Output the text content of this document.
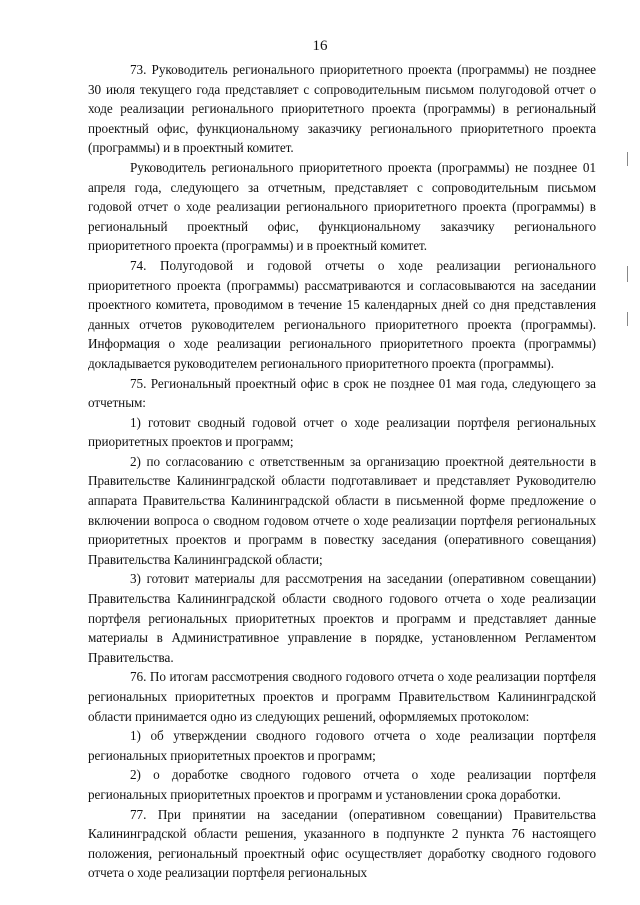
16

73. Руководитель регионального приоритетного проекта (программы) не позднее 30 июля текущего года представляет с сопроводительным письмом полугодовой отчет о ходе реализации регионального приоритетного проекта (программы) в региональный проектный офис, функциональному заказчику регионального приоритетного проекта (программы) и в проектный комитет.

Руководитель регионального приоритетного проекта (программы) не позднее 01 апреля года, следующего за отчетным, представляет с сопроводительным письмом годовой отчет о ходе реализации регионального приоритетного проекта (программы) в региональный проектный офис, функциональному заказчику регионального приоритетного проекта (программы) и в проектный комитет.

74. Полугодовой и годовой отчеты о ходе реализации регионального приоритетного проекта (программы) рассматриваются и согласовываются на заседании проектного комитета, проводимом в течение 15 календарных дней со дня представления данных отчетов руководителем регионального приоритетного проекта (программы). Информация о ходе реализации регионального приоритетного проекта (программы) докладывается руководителем регионального приоритетного проекта (программы).

75. Региональный проектный офис в срок не позднее 01 мая года, следующего за отчетным:

1) готовит сводный годовой отчет о ходе реализации портфеля региональных приоритетных проектов и программ;

2) по согласованию с ответственным за организацию проектной деятельности в Правительстве Калининградской области подготавливает и представляет Руководителю аппарата Правительства Калининградской области в письменной форме предложение о включении вопроса о сводном годовом отчете о ходе реализации портфеля региональных приоритетных проектов и программ в повестку заседания (оперативного совещания) Правительства Калининградской области;

3) готовит материалы для рассмотрения на заседании (оперативном совещании) Правительства Калининградской области сводного годового отчета о ходе реализации портфеля региональных приоритетных проектов и программ и представляет данные материалы в Административное управление в порядке, установленном Регламентом Правительства.

76. По итогам рассмотрения сводного годового отчета о ходе реализации портфеля региональных приоритетных проектов и программ Правительством Калининградской области принимается одно из следующих решений, оформляемых протоколом:

1) об утверждении сводного годового отчета о ходе реализации портфеля региональных приоритетных проектов и программ;

2) о доработке сводного годового отчета о ходе реализации портфеля региональных приоритетных проектов и программ и установлении срока доработки.

77. При принятии на заседании (оперативном совещании) Правительства Калининградской области решения, указанного в подпункте 2 пункта 76 настоящего положения, региональный проектный офис осуществляет доработку сводного годового отчета о ходе реализации портфеля региональных
